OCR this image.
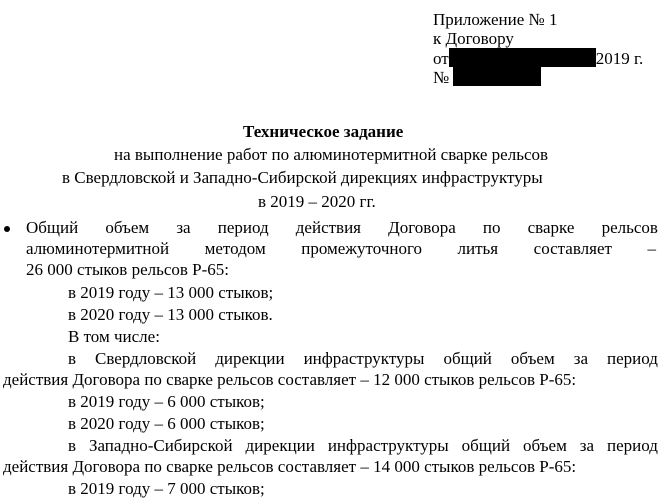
Приложение № 1
к Договору
от	2019 г.
№
Техническое задание
на выполнение работ по алюминотермитной сварке рельсов
в Свердловской и Западно-Сибирской дирекциях инфраструктуры
в 2019 – 2020 гг.
Общий объем за период действия Договора по сварке рельсов
алюминотермитной методом промежуточного литья составляет –
26 000 стыков рельсов Р-65:
в 2019 году – 13 000 стыков;
в 2020 году – 13 000 стыков.
В том числе:
в Свердловской дирекции инфраструктуры общий объем за период
действия Договора по сварке рельсов составляет – 12 000 стыков рельсов Р-65:
в 2019 году – 6 000 стыков;
в 2020 году – 6 000 стыков;
в Западно-Сибирской дирекции инфраструктуры общий объем за период
действия Договора по сварке рельсов составляет – 14 000 стыков рельсов Р-65:
в 2019 году – 7 000 стыков;
